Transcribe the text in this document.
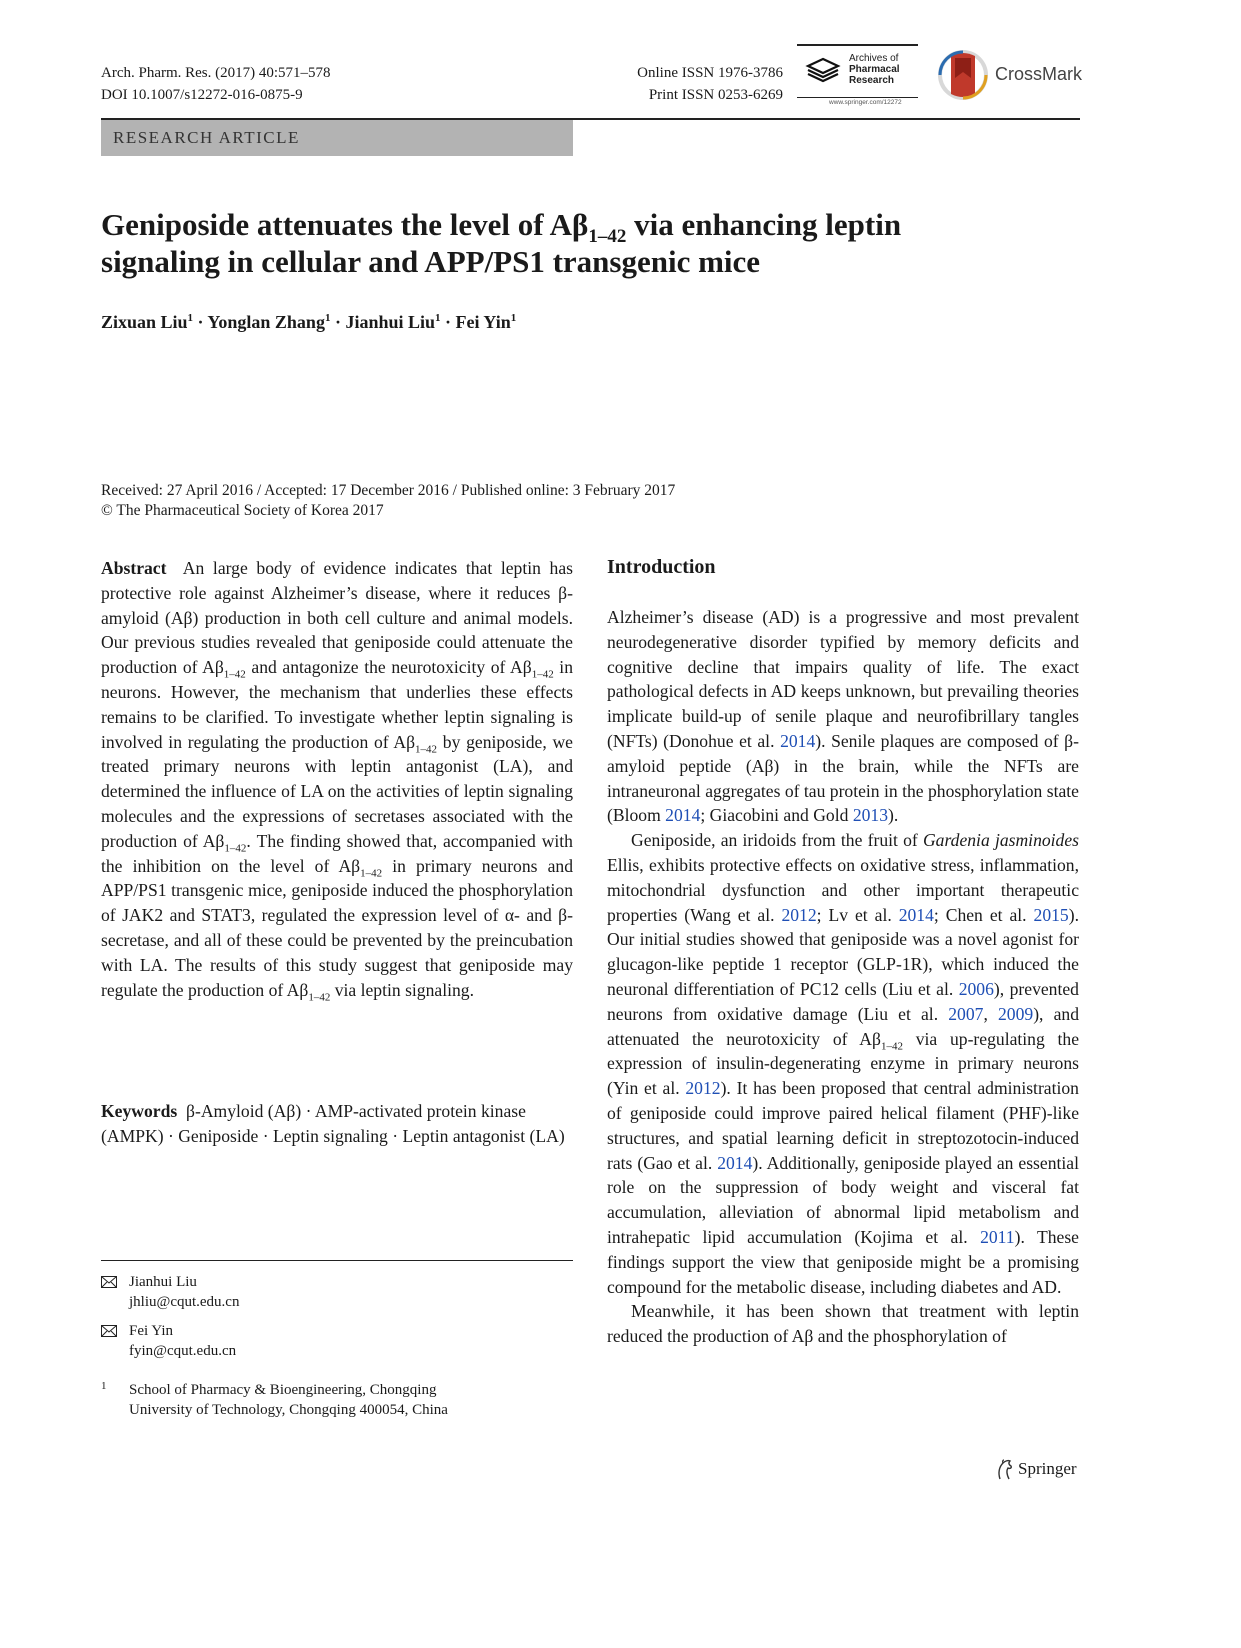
Arch. Pharm. Res. (2017) 40:571–578
DOI 10.1007/s12272-016-0875-9
Online ISSN 1976-3786
Print ISSN 0253-6269
Archives of
Pharmacal
Research
www.springer.com/12272
CrossMark
RESEARCH ARTICLE
Geniposide attenuates the level of $A\beta_{1-42}$ via enhancing leptin
signaling in cellular and APP/PS1 transgenic mice
Zixuan Liu$^1$ · Yonglan Zhang$^1$ · Jianhui Liu$^1$ · Fei Yin$^1$
Received: 27 April 2016 / Accepted: 17 December 2016 / Published online: 3 February 2017
© The Pharmaceutical Society of Korea 2017

Abstract An large body of evidence indicates that leptin has protective role against Alzheimer’s disease, where it reduces β-amyloid (Aβ) production in both cell culture and animal models. Our previous studies revealed that geniposide could attenuate the production of $A\beta_{1-42}$ and antagonize the neurotoxicity of $A\beta_{1-42}$ in neurons. However, the mechanism that underlies these effects remains to be clarified. To investigate whether leptin signaling is involved in regulating the production of $A\beta_{1-42}$ by geniposide, we treated primary neurons with leptin antagonist (LA), and determined the influence of LA on the activities of leptin signaling molecules and the expressions of secretases associated with the production of $A\beta_{1-42}$. The finding showed that, accompanied with the inhibition on the level of $A\beta_{1-42}$ in primary neurons and APP/PS1 transgenic mice, geniposide induced the phosphorylation of JAK2 and STAT3, regulated the expression level of α- and β-secretase, and all of these could be prevented by the preincubation with LA. The results of this study suggest that geniposide may regulate the production of $A\beta_{1-42}$ via leptin signaling.

Keywords β-Amyloid (Aβ) · AMP-activated protein kinase (AMPK) · Geniposide · Leptin signaling · Leptin antagonist (LA)
Jianhui Liu
jhliu@cqut.edu.cn
Fei Yin
fyin@cqut.edu.cn
1 School of Pharmacy & Bioengineering, Chongqing
University of Technology, Chongqing 400054, China
Introduction

Alzheimer’s disease (AD) is a progressive and most prevalent neurodegenerative disorder typified by memory deficits and cognitive decline that impairs quality of life. The exact pathological defects in AD keeps unknown, but prevailing theories implicate build-up of senile plaque and neurofibrillary tangles (NFTs) (Donohue et al. 2014). Senile plaques are composed of β-amyloid peptide (Aβ) in the brain, while the NFTs are intraneuronal aggregates of tau protein in the phosphorylation state (Bloom 2014; Giacobini and Gold 2013).

Geniposide, an iridoids from the fruit of Gardenia jasminoides Ellis, exhibits protective effects on oxidative stress, inflammation, mitochondrial dysfunction and other important therapeutic properties (Wang et al. 2012; Lv et al. 2014; Chen et al. 2015). Our initial studies showed that geniposide was a novel agonist for glucagon-like peptide 1 receptor (GLP-1R), which induced the neuronal differentiation of PC12 cells (Liu et al. 2006), prevented neurons from oxidative damage (Liu et al. 2007, 2009), and attenuated the neurotoxicity of $A\beta_{1-42}$ via up-regulating the expression of insulin-degenerating enzyme in primary neurons (Yin et al. 2012). It has been proposed that central administration of geniposide could improve paired helical filament (PHF)-like structures, and spatial learning deficit in streptozotocin-induced rats (Gao et al. 2014). Additionally, geniposide played an essential role on the suppression of body weight and visceral fat accumulation, alleviation of abnormal lipid metabolism and intrahepatic lipid accumulation (Kojima et al. 2011). These findings support the view that geniposide might be a promising compound for the metabolic disease, including diabetes and AD.

Meanwhile, it has been shown that treatment with leptin reduced the production of Aβ and the phosphorylation of

Springer
